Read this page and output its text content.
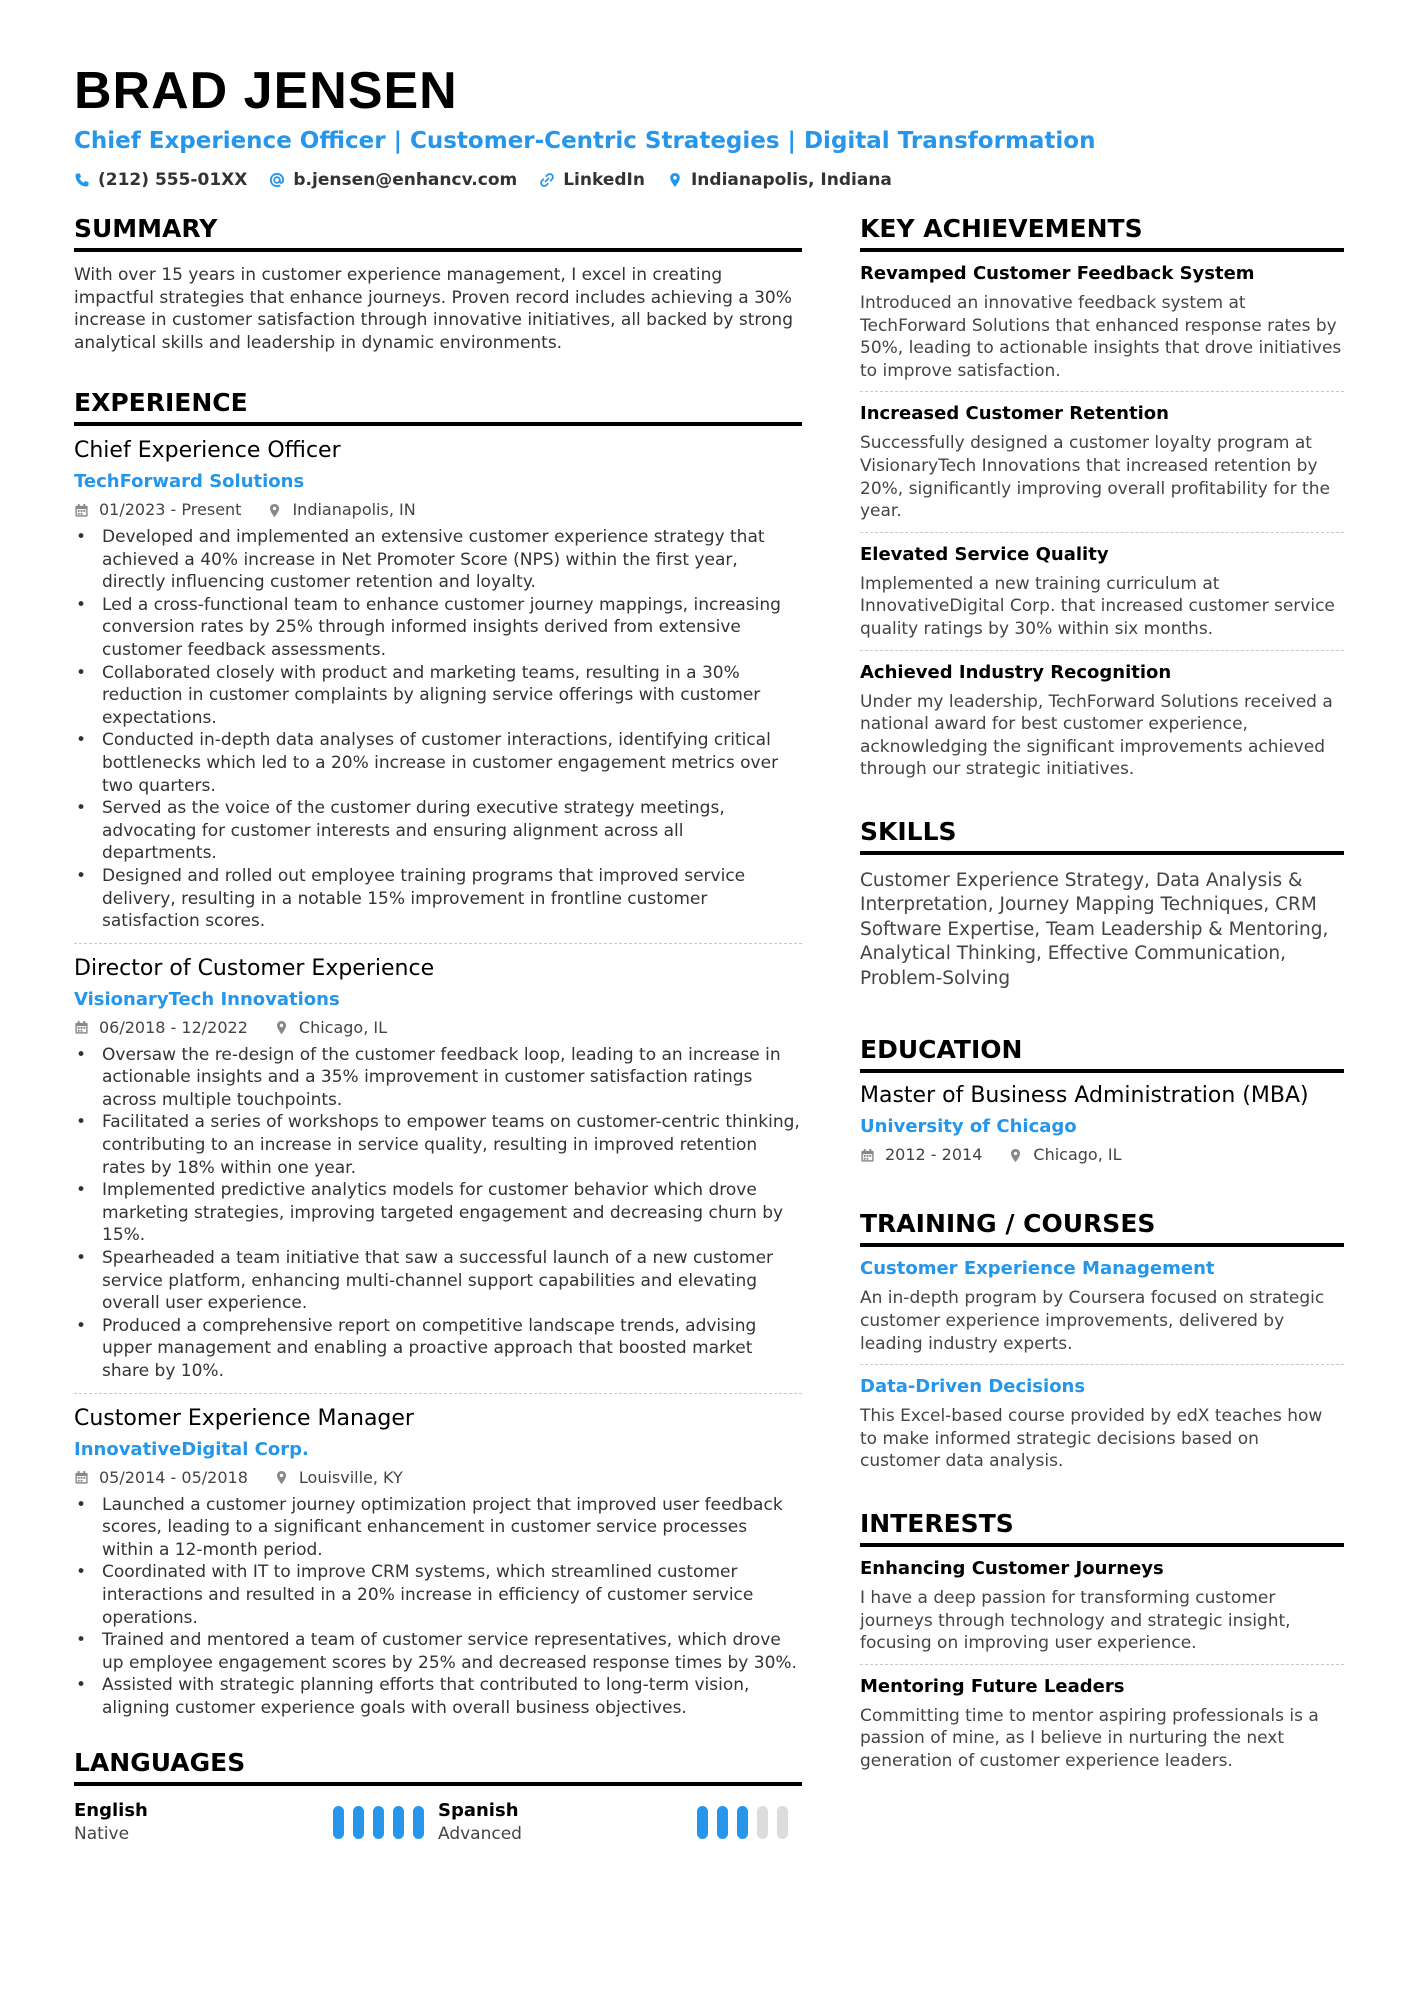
BRAD JENSEN
Chief Experience Officer | Customer-Centric Strategies | Digital Transformation
(212) 555-01XX	b.jensen@enhancv.com	LinkedIn	Indianapolis, Indiana
SUMMARY

With over 15 years in customer experience management, I excel in creating impactful strategies that enhance journeys. Proven record includes achieving a 30% increase in customer satisfaction through innovative initiatives, all backed by strong analytical skills and leadership in dynamic environments.

EXPERIENCE
Chief Experience Officer
TechForward Solutions
01/2023 - Present	Indianapolis, IN
• Developed and implemented an extensive customer experience strategy that achieved a 40% increase in Net Promoter Score (NPS) within the first year, directly influencing customer retention and loyalty.
• Led a cross-functional team to enhance customer journey mappings, increasing conversion rates by 25% through informed insights derived from extensive customer feedback assessments.
• Collaborated closely with product and marketing teams, resulting in a 30% reduction in customer complaints by aligning service offerings with customer expectations.
• Conducted in-depth data analyses of customer interactions, identifying critical bottlenecks which led to a 20% increase in customer engagement metrics over two quarters.
• Served as the voice of the customer during executive strategy meetings, advocating for customer interests and ensuring alignment across all departments.
• Designed and rolled out employee training programs that improved service delivery, resulting in a notable 15% improvement in frontline customer satisfaction scores.
Director of Customer Experience
VisionaryTech Innovations
06/2018 - 12/2022	Chicago, IL
• Oversaw the re-design of the customer feedback loop, leading to an increase in actionable insights and a 35% improvement in customer satisfaction ratings across multiple touchpoints.
• Facilitated a series of workshops to empower teams on customer-centric thinking, contributing to an increase in service quality, resulting in improved retention rates by 18% within one year.
• Implemented predictive analytics models for customer behavior which drove marketing strategies, improving targeted engagement and decreasing churn by 15%.
• Spearheaded a team initiative that saw a successful launch of a new customer service platform, enhancing multi-channel support capabilities and elevating overall user experience.
• Produced a comprehensive report on competitive landscape trends, advising upper management and enabling a proactive approach that boosted market share by 10%.
Customer Experience Manager
InnovativeDigital Corp.
05/2014 - 05/2018	Louisville, KY
• Launched a customer journey optimization project that improved user feedback scores, leading to a significant enhancement in customer service processes within a 12-month period.
• Coordinated with IT to improve CRM systems, which streamlined customer interactions and resulted in a 20% increase in efficiency of customer service operations.
• Trained and mentored a team of customer service representatives, which drove up employee engagement scores by 25% and decreased response times by 30%.
• Assisted with strategic planning efforts that contributed to long-term vision, aligning customer experience goals with overall business objectives.
LANGUAGES
English
Native
Spanish
Advanced
KEY ACHIEVEMENTS
Revamped Customer Feedback System
Introduced an innovative feedback system at TechForward Solutions that enhanced response rates by 50%, leading to actionable insights that drove initiatives to improve satisfaction.
Increased Customer Retention
Successfully designed a customer loyalty program at VisionaryTech Innovations that increased retention by 20%, significantly improving overall profitability for the year.
Elevated Service Quality
Implemented a new training curriculum at InnovativeDigital Corp. that increased customer service quality ratings by 30% within six months.
Achieved Industry Recognition
Under my leadership, TechForward Solutions received a national award for best customer experience, acknowledging the significant improvements achieved through our strategic initiatives.
SKILLS

Customer Experience Strategy, Data Analysis & Interpretation, Journey Mapping Techniques, CRM Software Expertise, Team Leadership & Mentoring, Analytical Thinking, Effective Communication, Problem-Solving

EDUCATION
Master of Business Administration (MBA)
University of Chicago
2012 - 2014	Chicago, IL
TRAINING / COURSES
Customer Experience Management
An in-depth program by Coursera focused on strategic customer experience improvements, delivered by leading industry experts.
Data-Driven Decisions
This Excel-based course provided by edX teaches how to make informed strategic decisions based on customer data analysis.
INTERESTS
Enhancing Customer Journeys
I have a deep passion for transforming customer journeys through technology and strategic insight, focusing on improving user experience.
Mentoring Future Leaders
Committing time to mentor aspiring professionals is a passion of mine, as I believe in nurturing the next generation of customer experience leaders.
